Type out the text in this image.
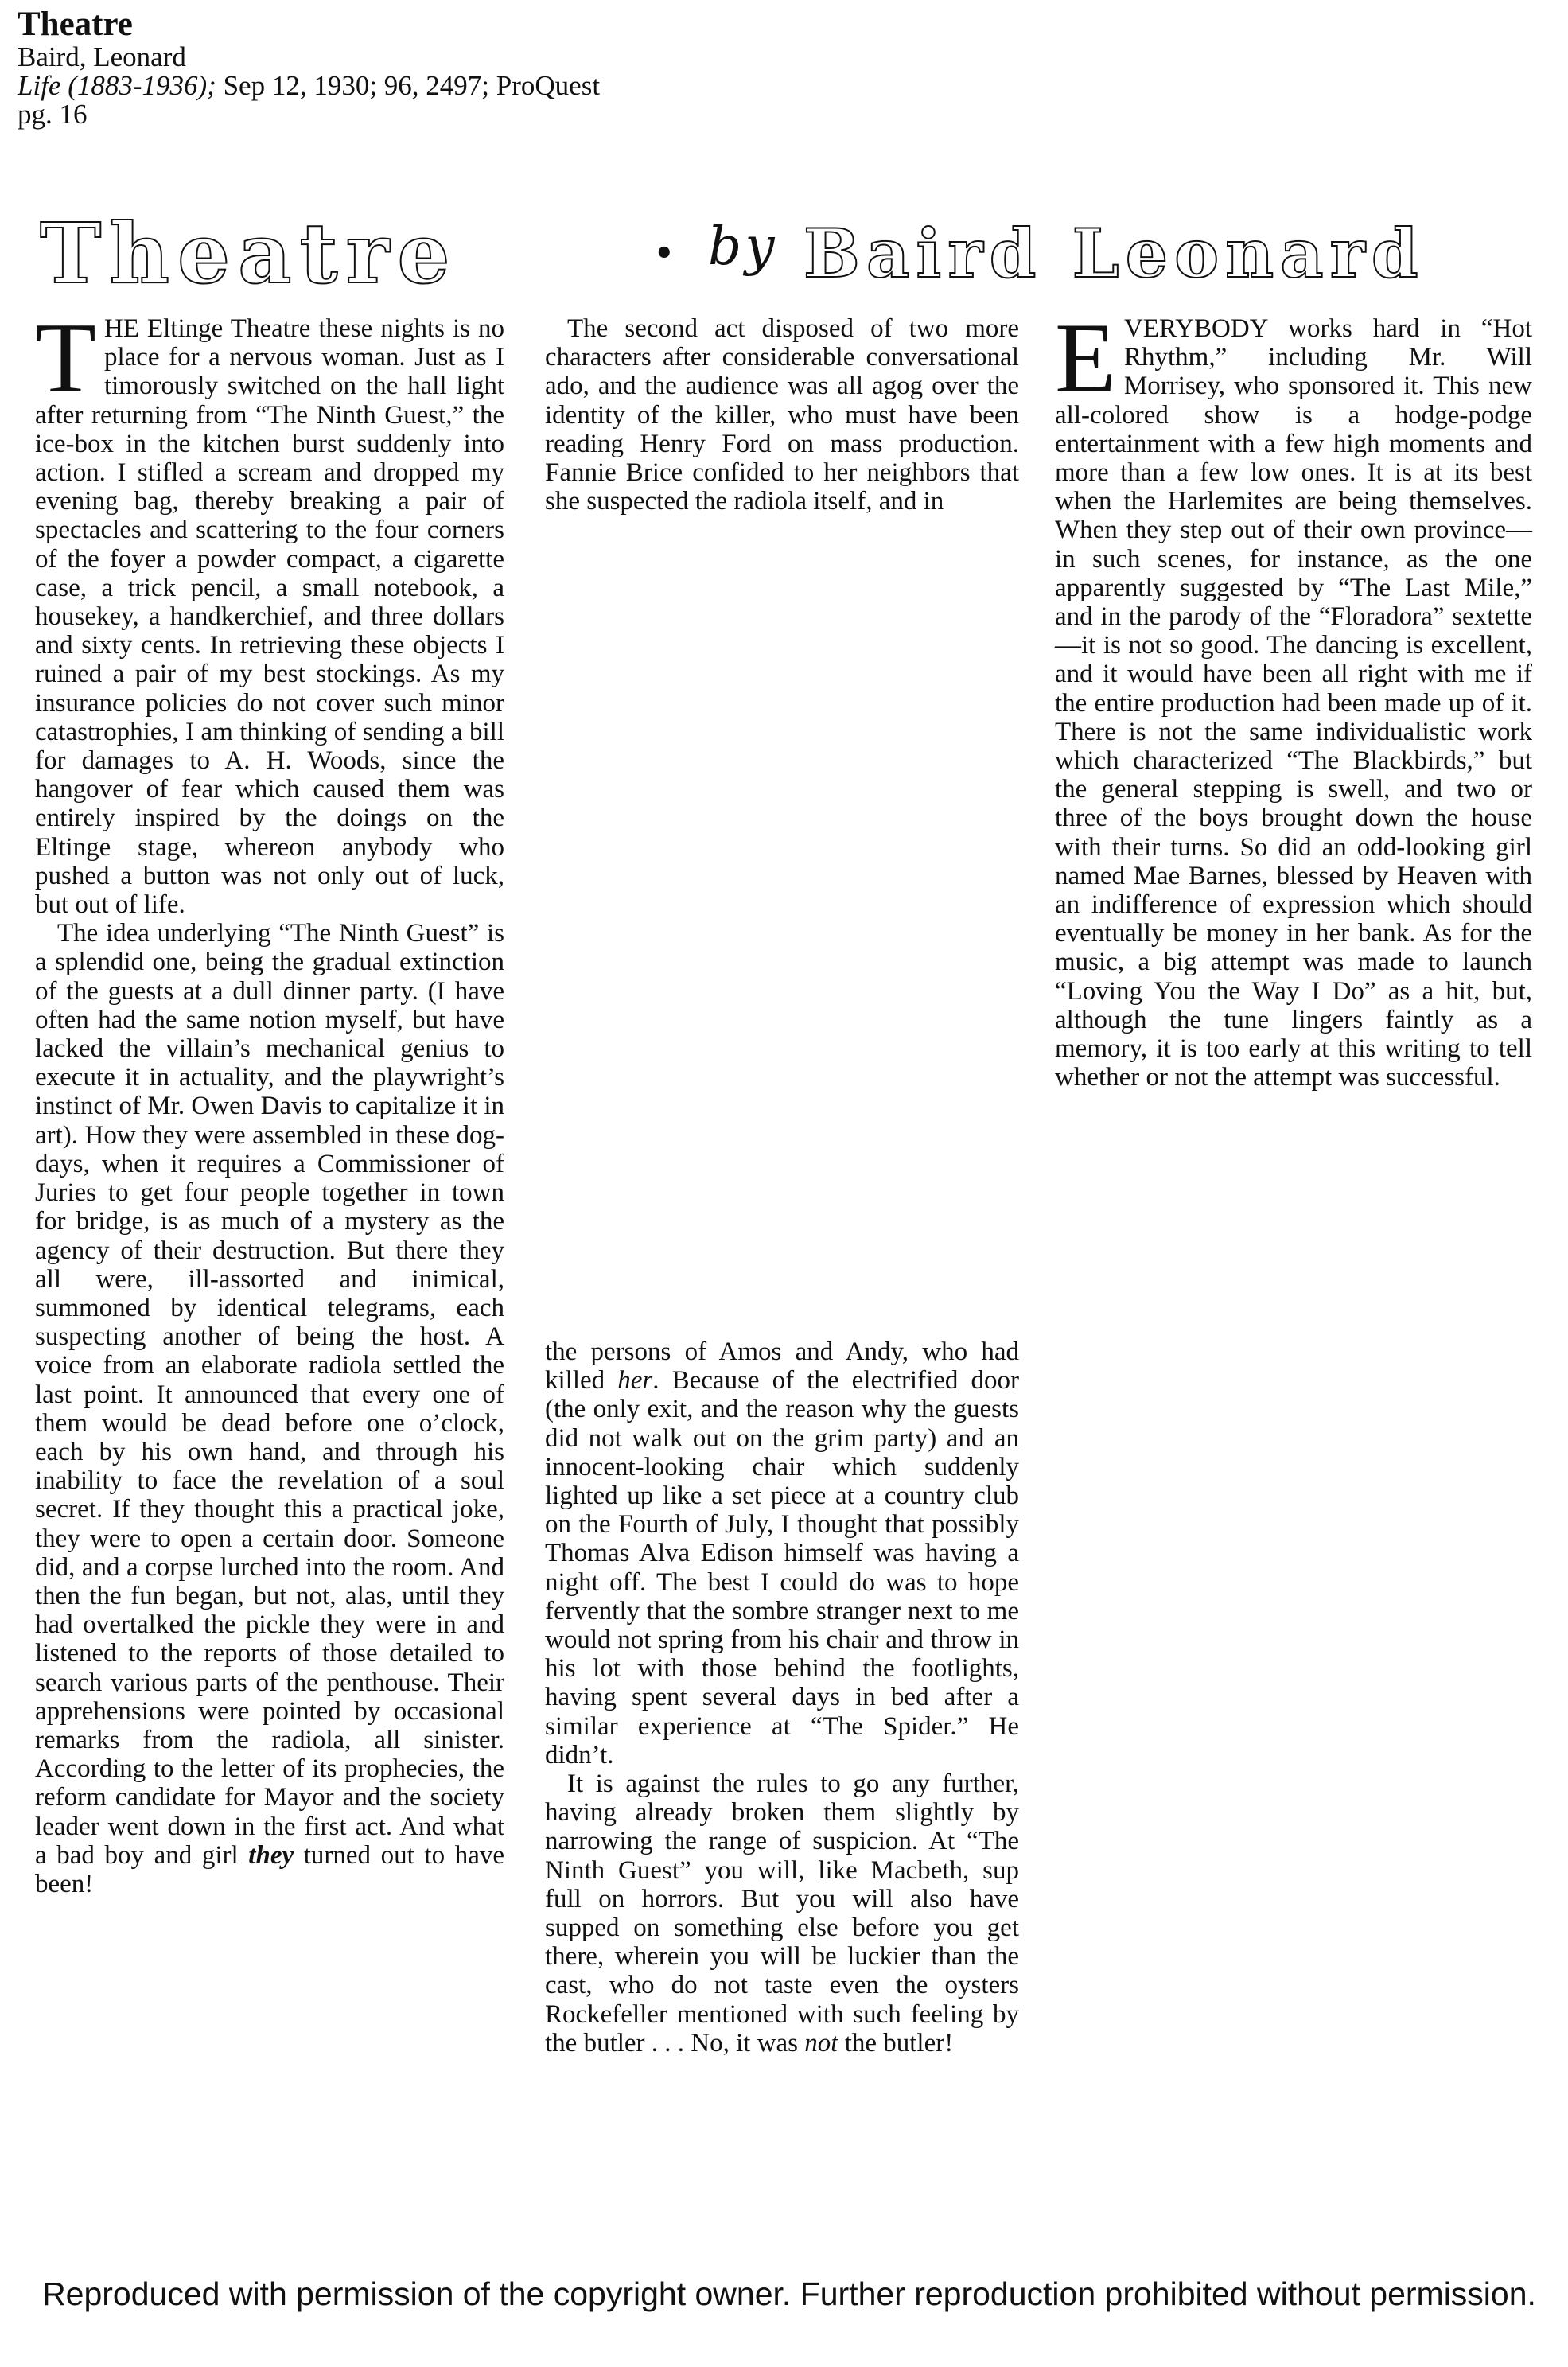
Theatre
Baird, Leonard
Life (1883-1936); Sep 12, 1930; 96, 2497; ProQuest
pg. 16
Theatre	• by Baird Leonard

THE Eltinge Theatre these nights is no place for a nervous woman. Just as I timorously switched on the hall light after returning from “The Ninth Guest,” the ice-box in the kitchen burst suddenly into action. I stifled a scream and dropped my evening bag, thereby breaking a pair of spectacles and scattering to the four corners of the foyer a powder compact, a cigarette case, a trick pencil, a small notebook, a housekey, a handkerchief, and three dollars and sixty cents. In retrieving these objects I ruined a pair of my best stockings. As my insurance policies do not cover such minor catastrophies, I am thinking of sending a bill for damages to A. H. Woods, since the hangover of fear which caused them was entirely inspired by the doings on the Eltinge stage, whereon anybody who pushed a button was not only out of luck, but out of life.

The idea underlying “The Ninth Guest” is a splendid one, being the gradual extinction of the guests at a dull dinner party. (I have often had the same notion myself, but have lacked the villain’s mechanical genius to execute it in actuality, and the playwright’s instinct of Mr. Owen Davis to capitalize it in art). How they were assembled in these dog-days, when it requires a Commissioner of Juries to get four people together in town for bridge, is as much of a mystery as the agency of their destruction. But there they all were, ill-assorted and inimical, summoned by identical telegrams, each suspecting another of being the host. A voice from an elaborate radiola settled the last point. It announced that every one of them would be dead before one o’clock, each by his own hand, and through his inability to face the revelation of a soul secret. If they thought this a practical joke, they were to open a certain door. Someone did, and a corpse lurched into the room. And then the fun began, but not, alas, until they had overtalked the pickle they were in and listened to the reports of those detailed to search various parts of the penthouse. Their apprehensions were pointed by occasional remarks from the radiola, all sinister. According to the letter of its prophecies, the reform candidate for Mayor and the society leader went down in the first act. And what a bad boy and girl they turned out to have been!

The second act disposed of two more characters after considerable conversational ado, and the audience was all agog over the identity of the killer, who must have been reading Henry Ford on mass production. Fannie Brice confided to her neighbors that she suspected the radiola itself, and in

the persons of Amos and Andy, who had killed her. Because of the electrified door (the only exit, and the reason why the guests did not walk out on the grim party) and an innocent-looking chair which suddenly lighted up like a set piece at a country club on the Fourth of July, I thought that possibly Thomas Alva Edison himself was having a night off. The best I could do was to hope fervently that the sombre stranger next to me would not spring from his chair and throw in his lot with those behind the footlights, having spent several days in bed after a similar experience at “The Spider.” He didn’t.

It is against the rules to go any further, having already broken them slightly by narrowing the range of suspicion. At “The Ninth Guest” you will, like Macbeth, sup full on horrors. But you will also have supped on something else before you get there, wherein you will be luckier than the cast, who do not taste even the oysters Rockefeller mentioned with such feeling by the butler . . . No, it was not the butler!

EVERYBODY works hard in “Hot Rhythm,” including Mr. Will Morrisey, who sponsored it. This new all-colored show is a hodge-podge entertainment with a few high moments and more than a few low ones. It is at its best when the Harlemites are being themselves. When they step out of their own province—in such scenes, for instance, as the one apparently suggested by “The Last Mile,” and in the parody of the “Floradora” sextette—it is not so good. The dancing is excellent, and it would have been all right with me if the entire production had been made up of it. There is not the same individualistic work which characterized “The Blackbirds,” but the general stepping is swell, and two or three of the boys brought down the house with their turns. So did an odd-looking girl named Mae Barnes, blessed by Heaven with an indifference of expression which should eventually be money in her bank. As for the music, a big attempt was made to launch “Loving You the Way I Do” as a hit, but, although the tune lingers faintly as a memory, it is too early at this writing to tell whether or not the attempt was successful.

Reproduced with permission of the copyright owner. Further reproduction prohibited without permission.
